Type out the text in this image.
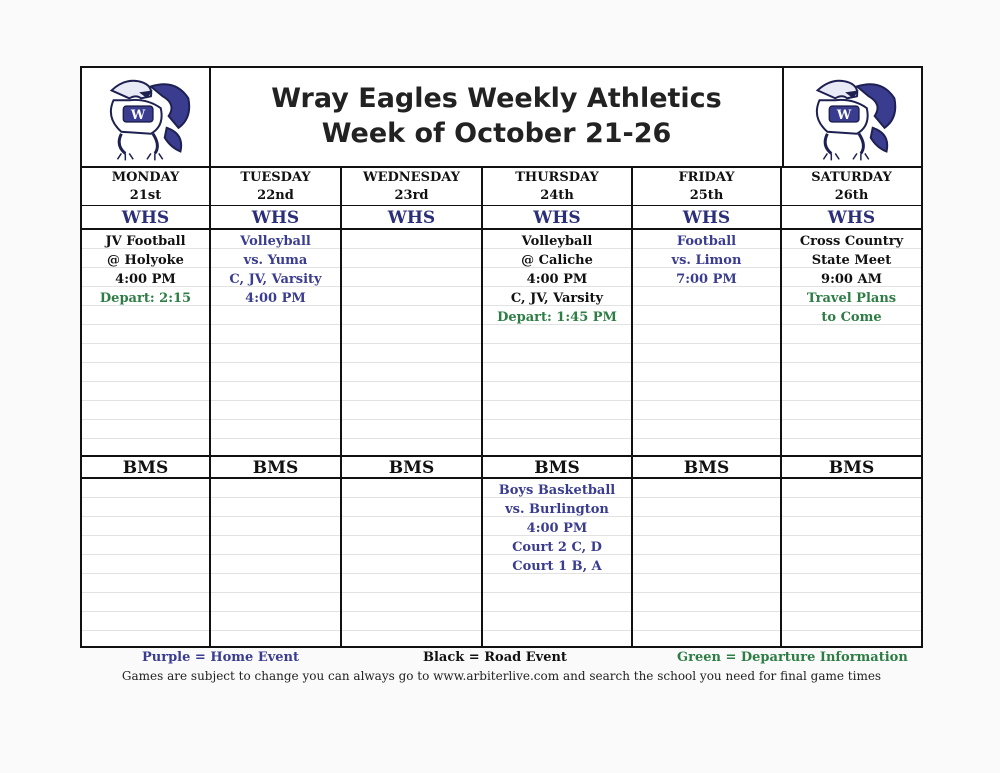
W
Wray Eagles Weekly Athletics
Week of October 21-26
W
MONDAY
21st
WHS
JV Football
@ Holyoke
4:00 PM
Depart: 2:15
BMS
TUESDAY
22nd
WHS
Volleyball
vs. Yuma
C, JV, Varsity
4:00 PM
BMS
WEDNESDAY
23rd
WHS
BMS
THURSDAY
24th
WHS
Volleyball
@ Caliche
4:00 PM
C, JV, Varsity
Depart: 1:45 PM
BMS
Boys Basketball
vs. Burlington
4:00 PM
Court 2 C, D
Court 1 B, A
FRIDAY
25th
WHS
Football
vs. Limon
7:00 PM
BMS
SATURDAY
26th
WHS
Cross Country
State Meet
9:00 AM
Travel Plans
to Come
BMS
Purple = Home Event	Black = Road Event	Green = Departure Information
Games are subject to change you can always go to www.arbiterlive.com and search the school you need for final game times
